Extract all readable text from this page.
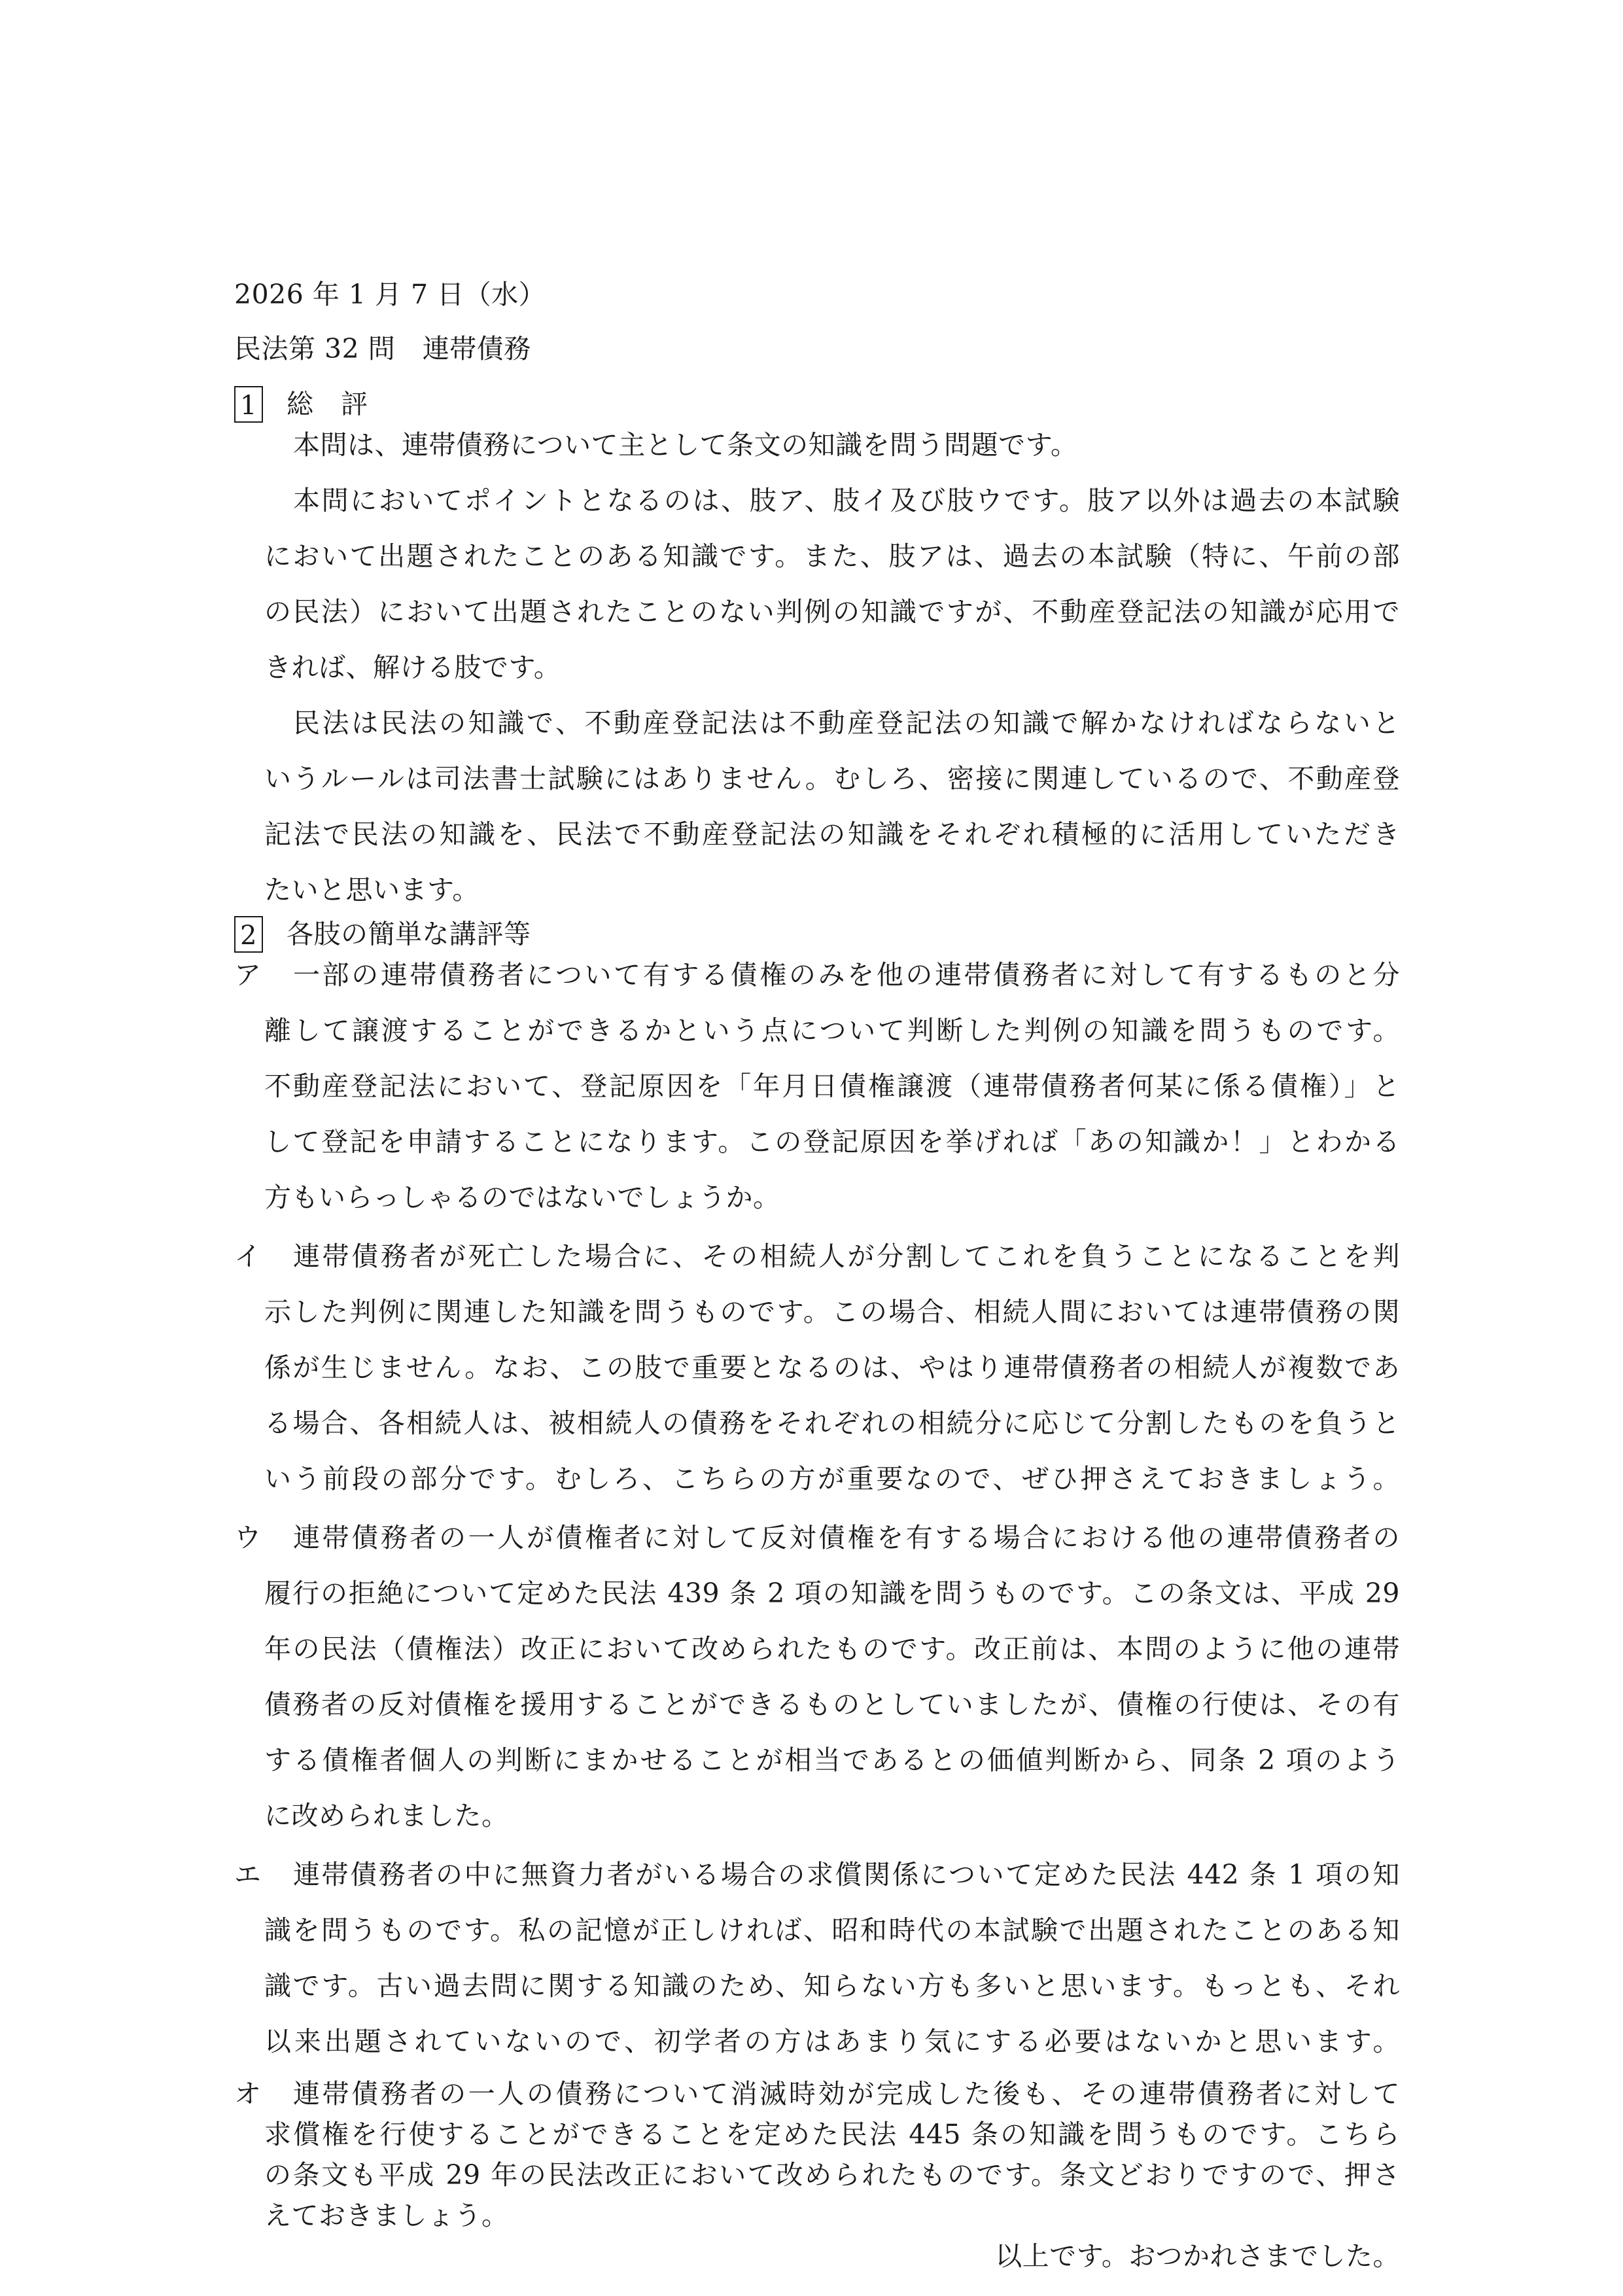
2026 年 1 月 7 日（水）
民法第 32 問　連帯債務
1 総　評
本問は、連帯債務について主として条文の知識を問う問題です。
本問においてポイントとなるのは、肢ア、肢イ及び肢ウです。肢ア以外は過去の本試験
において出題されたことのある知識です。また、肢アは、過去の本試験（特に、午前の部
の民法）において出題されたことのない判例の知識ですが、不動産登記法の知識が応用で
きれば、解ける肢です。
民法は民法の知識で、不動産登記法は不動産登記法の知識で解かなければならないと
いうルールは司法書士試験にはありません。むしろ、密接に関連しているので、不動産登
記法で民法の知識を、民法で不動産登記法の知識をそれぞれ積極的に活用していただき
たいと思います。
2 各肢の簡単な講評等
ア 一部の連帯債務者について有する債権のみを他の連帯債務者に対して有するものと分
離して譲渡することができるかという点について判断した判例の知識を問うものです。
不動産登記法において、登記原因を「年月日債権譲渡（連帯債務者何某に係る債権）」と
して登記を申請することになります。この登記原因を挙げれば「あの知識か！」とわかる
方もいらっしゃるのではないでしょうか。
イ 連帯債務者が死亡した場合に、その相続人が分割してこれを負うことになることを判
示した判例に関連した知識を問うものです。この場合、相続人間においては連帯債務の関
係が生じません。なお、この肢で重要となるのは、やはり連帯債務者の相続人が複数であ
る場合、各相続人は、被相続人の債務をそれぞれの相続分に応じて分割したものを負うと
いう前段の部分です。むしろ、こちらの方が重要なので、ぜひ押さえておきましょう。
ウ 連帯債務者の一人が債権者に対して反対債権を有する場合における他の連帯債務者の
履行の拒絶について定めた民法 439 条 2 項の知識を問うものです。この条文は、平成 29
年の民法（債権法）改正において改められたものです。改正前は、本問のように他の連帯
債務者の反対債権を援用することができるものとしていましたが、債権の行使は、その有
する債権者個人の判断にまかせることが相当であるとの価値判断から、同条 2 項のよう
に改められました。
エ 連帯債務者の中に無資力者がいる場合の求償関係について定めた民法 442 条 1 項の知
識を問うものです。私の記憶が正しければ、昭和時代の本試験で出題されたことのある知
識です。古い過去問に関する知識のため、知らない方も多いと思います。もっとも、それ
以来出題されていないので、初学者の方はあまり気にする必要はないかと思います。
オ 連帯債務者の一人の債務について消滅時効が完成した後も、その連帯債務者に対して
求償権を行使することができることを定めた民法 445 条の知識を問うものです。こちら
の条文も平成 29 年の民法改正において改められたものです。条文どおりですので、押さ
えておきましょう。
以上です。おつかれさまでした。
